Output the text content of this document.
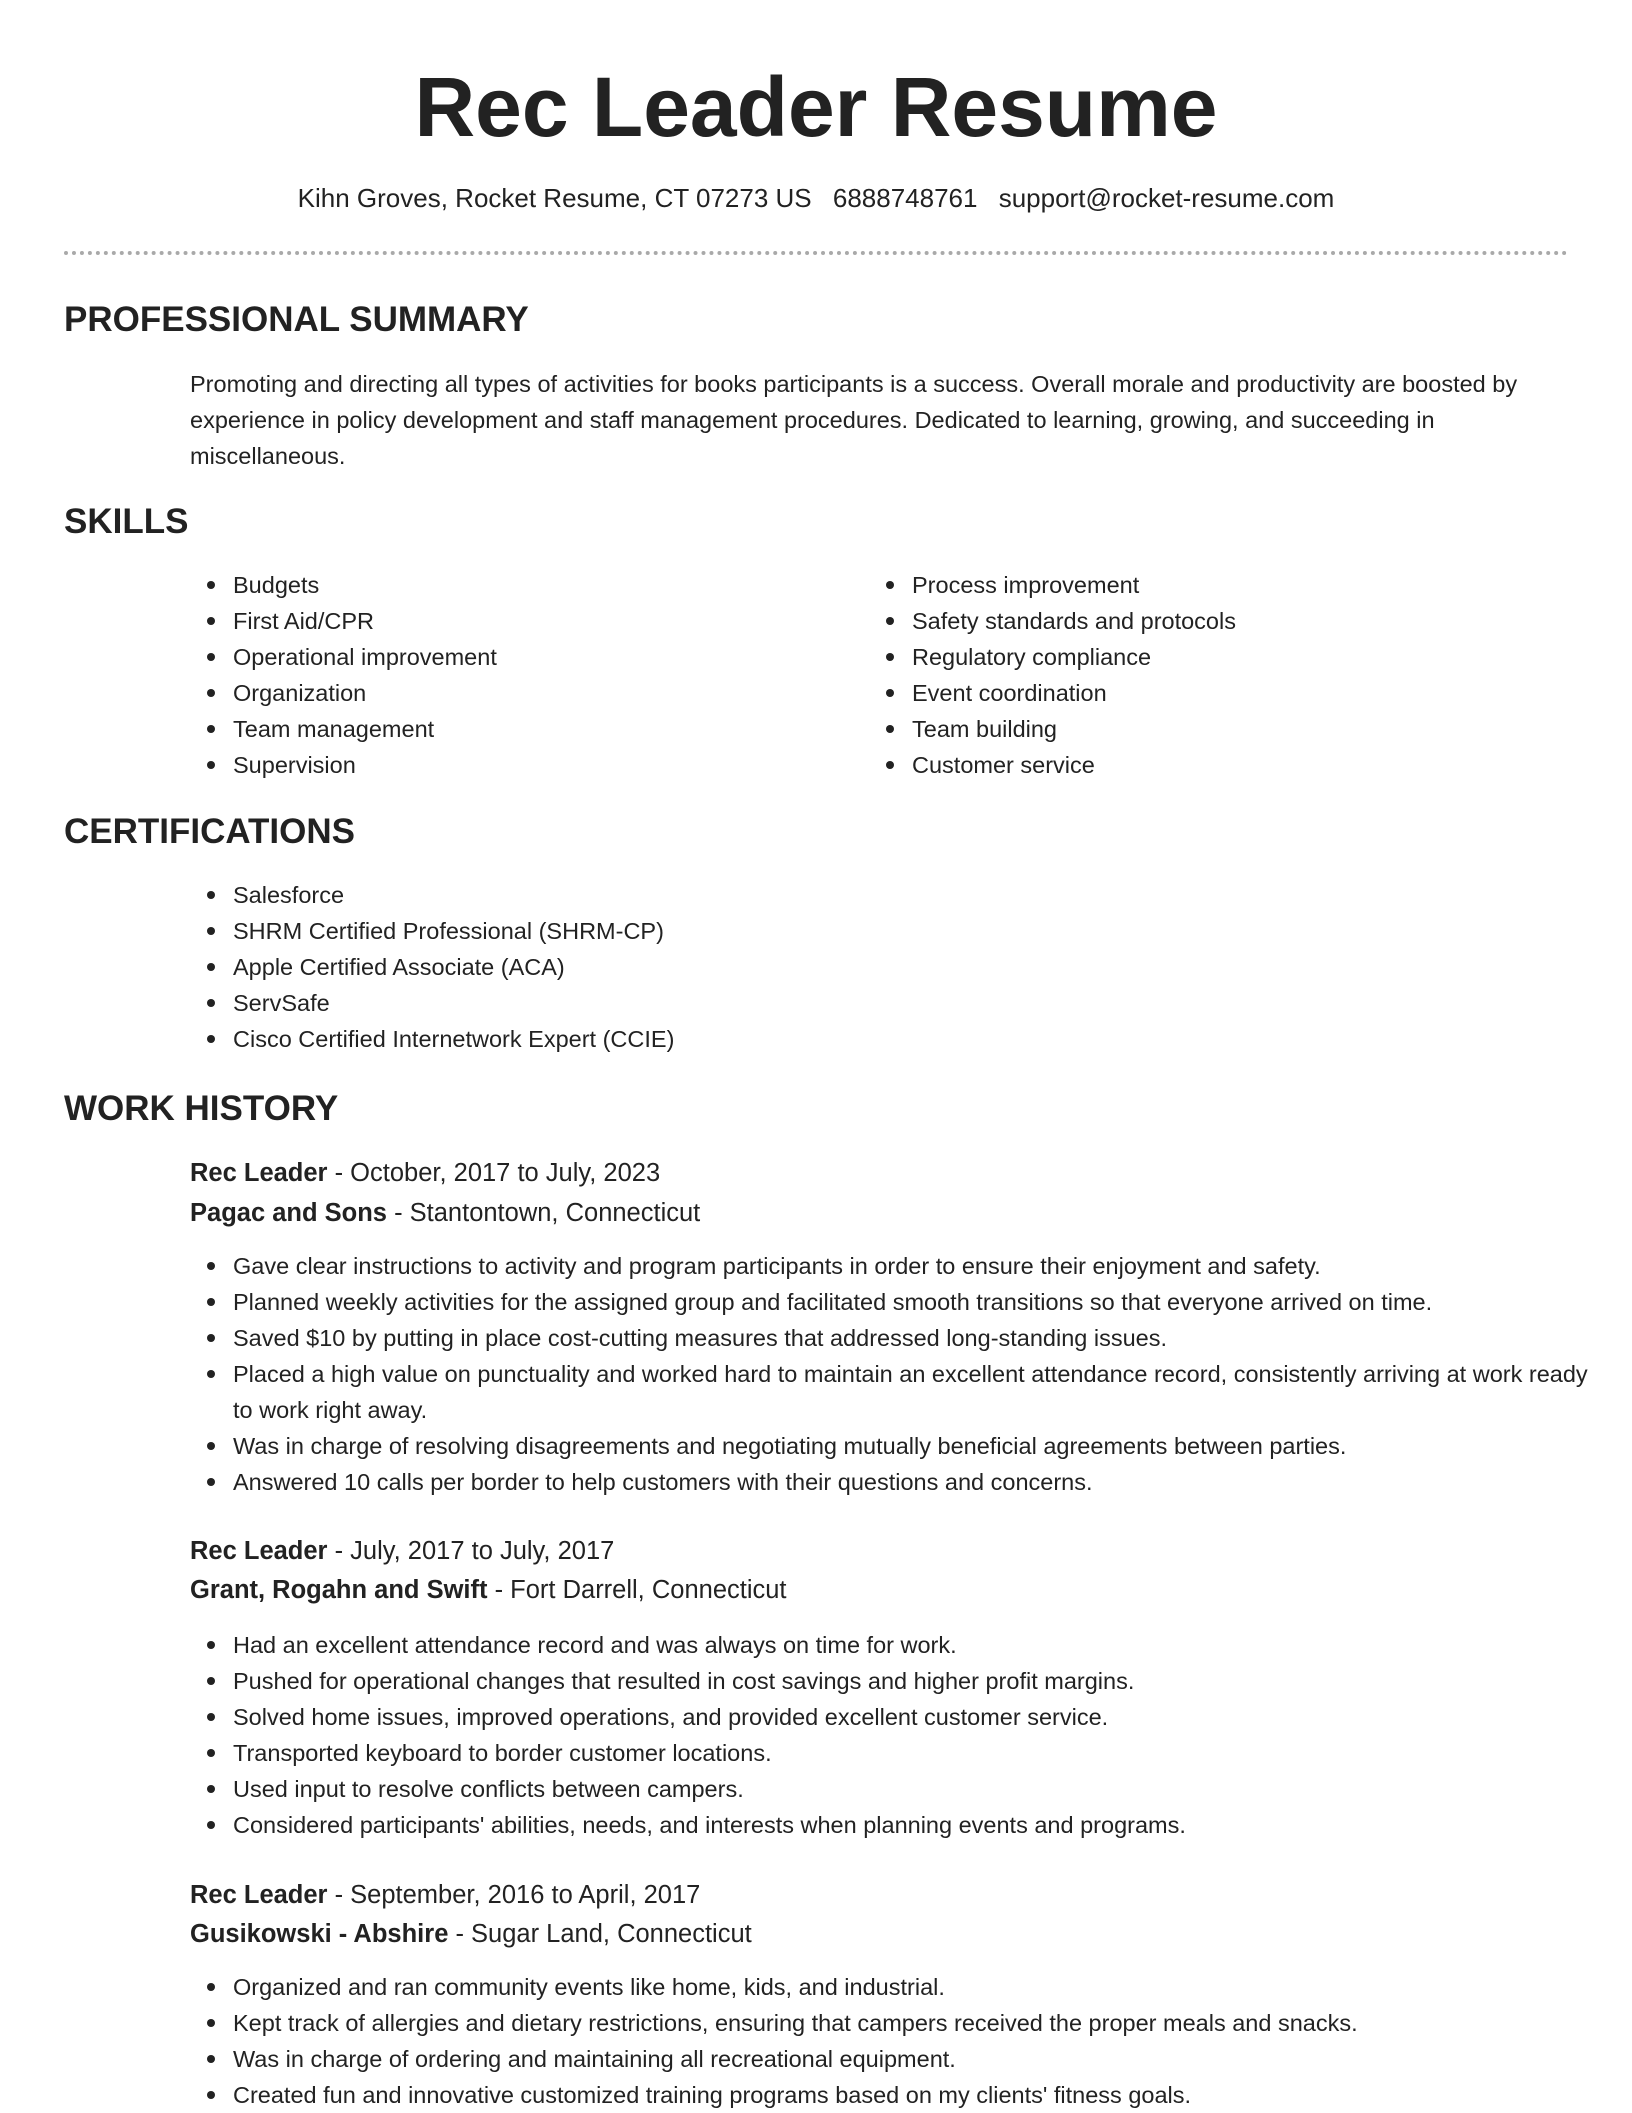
Rec Leader Resume
Kihn Groves, Rocket Resume, CT 07273 US 6888748761 support@rocket-resume.com
PROFESSIONAL SUMMARY

Promoting and directing all types of activities for books participants is a success. Overall morale and productivity are boosted by experience in policy development and staff management procedures. Dedicated to learning, growing, and succeeding in miscellaneous.

SKILLS
Budgets
First Aid/CPR
Operational improvement
Organization
Team management
Supervision
Process improvement
Safety standards and protocols
Regulatory compliance
Event coordination
Team building
Customer service
CERTIFICATIONS
Salesforce
SHRM Certified Professional (SHRM-CP)
Apple Certified Associate (ACA)
ServSafe
Cisco Certified Internetwork Expert (CCIE)
WORK HISTORY
Rec Leader - October, 2017 to July, 2023
Pagac and Sons - Stantontown, Connecticut
Gave clear instructions to activity and program participants in order to ensure their enjoyment and safety.
Planned weekly activities for the assigned group and facilitated smooth transitions so that everyone arrived on time.
Saved $10 by putting in place cost-cutting measures that addressed long-standing issues.
Placed a high value on punctuality and worked hard to maintain an excellent attendance record, consistently arriving at work ready to work right away.
Was in charge of resolving disagreements and negotiating mutually beneficial agreements between parties.
Answered 10 calls per border to help customers with their questions and concerns.
Rec Leader - July, 2017 to July, 2017
Grant, Rogahn and Swift - Fort Darrell, Connecticut
Had an excellent attendance record and was always on time for work.
Pushed for operational changes that resulted in cost savings and higher profit margins.
Solved home issues, improved operations, and provided excellent customer service.
Transported keyboard to border customer locations.
Used input to resolve conflicts between campers.
Considered participants' abilities, needs, and interests when planning events and programs.
Rec Leader - September, 2016 to April, 2017
Gusikowski - Abshire - Sugar Land, Connecticut
Organized and ran community events like home, kids, and industrial.
Kept track of allergies and dietary restrictions, ensuring that campers received the proper meals and snacks.
Was in charge of ordering and maintaining all recreational equipment.
Created fun and innovative customized training programs based on my clients' fitness goals.
